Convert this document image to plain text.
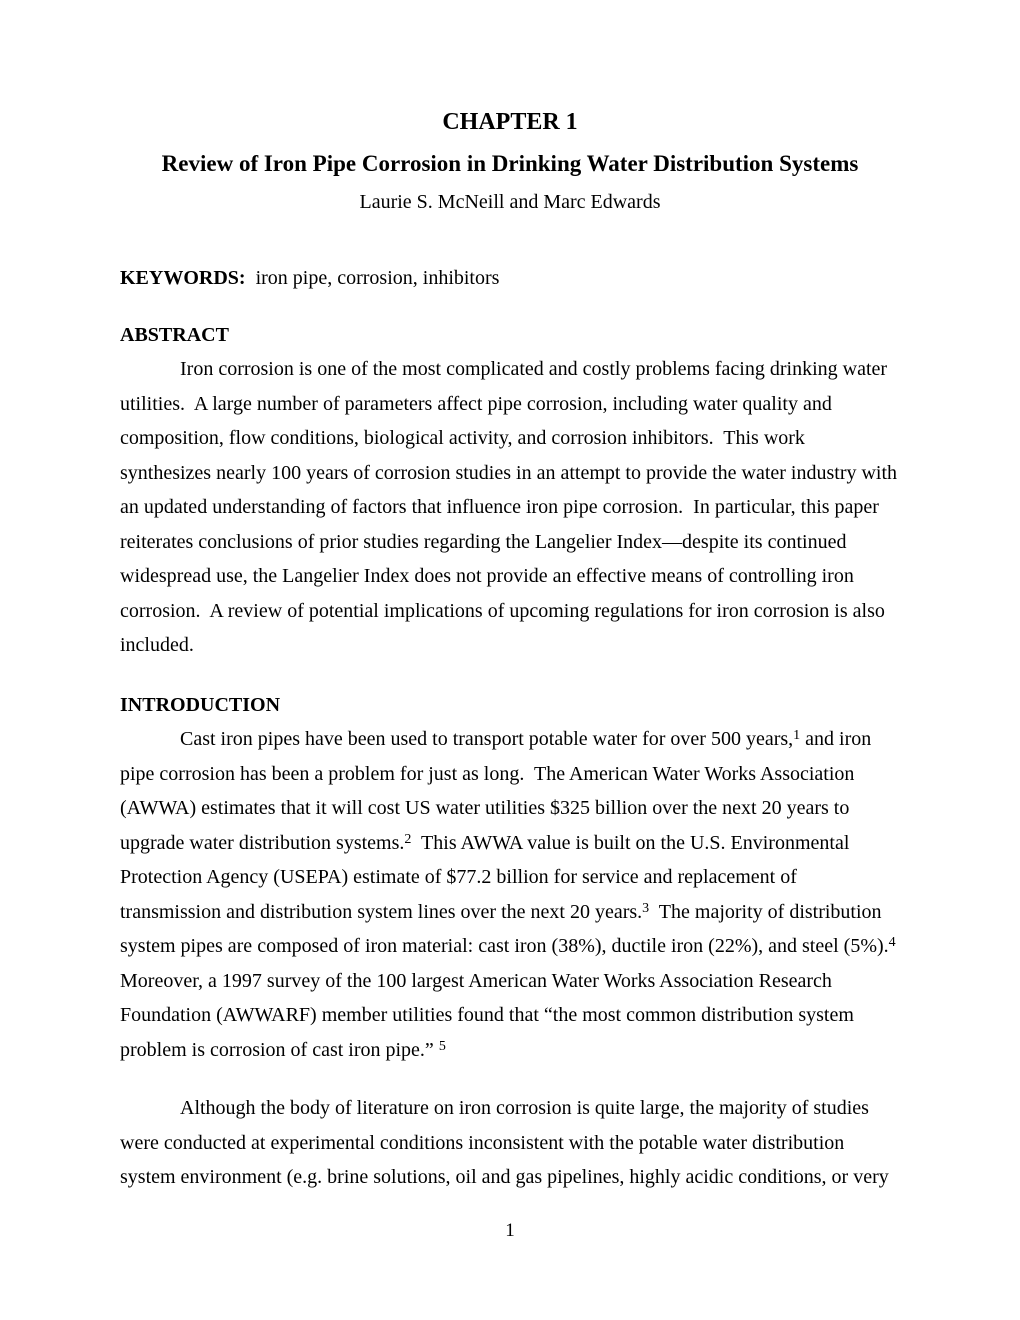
CHAPTER 1
Review of Iron Pipe Corrosion in Drinking Water Distribution Systems
Laurie S. McNeill and Marc Edwards

KEYWORDS: iron pipe, corrosion, inhibitors

ABSTRACT

Iron corrosion is one of the most complicated and costly problems facing drinking water utilities.  A large number of parameters affect pipe corrosion, including water quality and composition, flow conditions, biological activity, and corrosion inhibitors.  This work synthesizes nearly 100 years of corrosion studies in an attempt to provide the water industry with an updated understanding of factors that influence iron pipe corrosion.  In particular, this paper reiterates conclusions of prior studies regarding the Langelier Index—despite its continued widespread use, the Langelier Index does not provide an effective means of controlling iron corrosion.  A review of potential implications of upcoming regulations for iron corrosion is also included.

INTRODUCTION

Cast iron pipes have been used to transport potable water for over 500 years,$^1$ and iron pipe corrosion has been a problem for just as long.  The American Water Works Association (AWWA) estimates that it will cost US water utilities $325 billion over the next 20 years to upgrade water distribution systems.$^2$  This AWWA value is built on the U.S. Environmental Protection Agency (USEPA) estimate of $77.2 billion for service and replacement of transmission and distribution system lines over the next 20 years.$^3$  The majority of distribution system pipes are composed of iron material: cast iron (38%), ductile iron (22%), and steel (5%).$^4$ Moreover, a 1997 survey of the 100 largest American Water Works Association Research Foundation (AWWARF) member utilities found that “the most common distribution system problem is corrosion of cast iron pipe.” $^5$

Although the body of literature on iron corrosion is quite large, the majority of studies were conducted at experimental conditions inconsistent with the potable water distribution system environment (e.g. brine solutions, oil and gas pipelines, highly acidic conditions, or very

1
